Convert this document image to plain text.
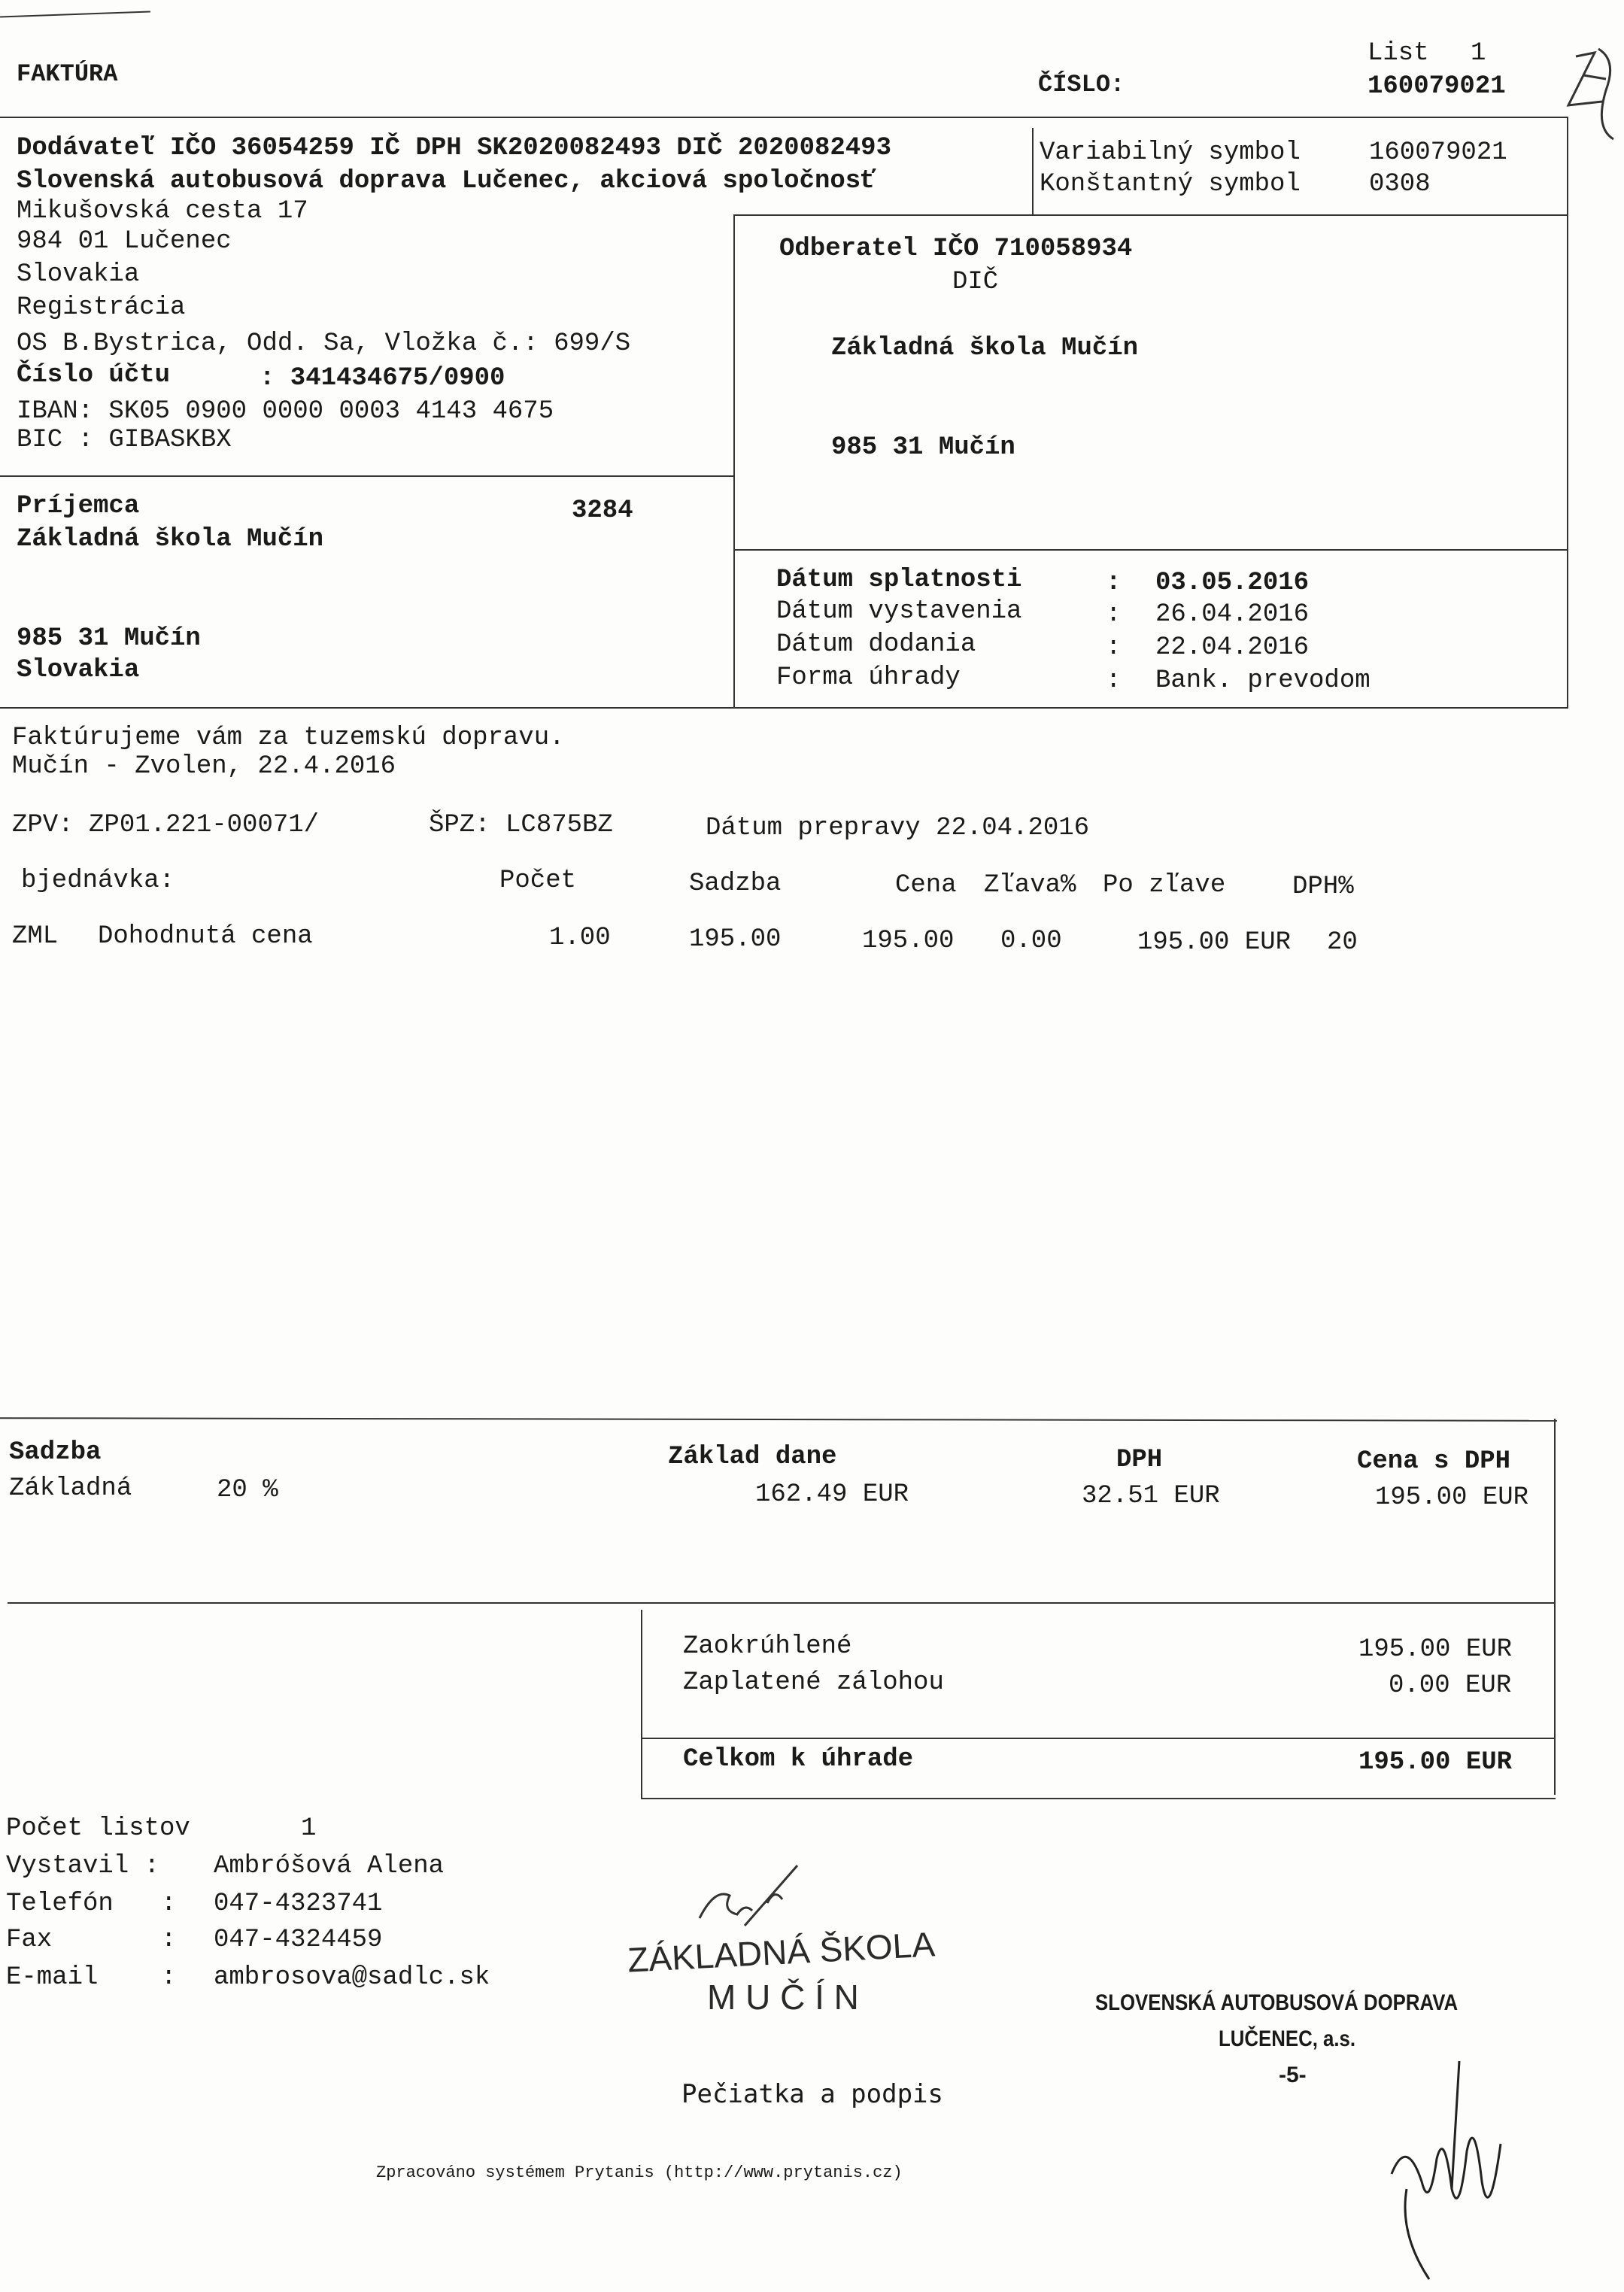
FAKTÚRA	ČÍSLO:
List 1
160079021
Dodávateľ IČO 36054259 IČ DPH SK2020082493 DIČ 2020082493
Slovenská autobusová doprava Lučenec, akciová spoločnosť
Mikušovská cesta 17
984 01 Lučenec
Slovakia
Registrácia
OS B.Bystrica, Odd. Sa, Vložka č.: 699/S
Číslo účtu	: 341434675/0900
IBAN: SK05 0900 0000 0003 4143 4675
BIC : GIBASKBX
Variabilný symbol	160079021
Konštantný symbol	0308
Odberatel IČO 710058934
DIČ
Základná škola Mučín
985 31 Mučín
Príjemca	3284
Základná škola Mučín
985 31 Mučín
Slovakia
Dátum splatnosti	: 03.05.2016
Dátum vystavenia	: 26.04.2016
Dátum dodania	: 22.04.2016
Forma úhrady	: Bank. prevodom
Faktúrujeme vám za tuzemskú dopravu.
Mučín - Zvolen, 22.4.2016
ZPV: ZP01.221-00071/	ŠPZ: LC875BZ	Dátum prepravy 22.04.2016
bjednávka:	Počet	Sadzba	Cena Zľava% Po zľave	DPH%
ZML Dohodnutá cena	1.00	195.00	195.00 0.00	195.00 EUR 20
Sadzba	Základ dane	DPH	Cena s DPH
Základná	20 %	162.49 EUR	32.51 EUR	195.00 EUR
Zaokrúhlené	195.00 EUR
Zaplatené zálohou	0.00 EUR
Celkom k úhrade	195.00 EUR
Počet listov	1
Vystavil : Ambróšová Alena
Telefón : 047-4323741
Fax	: 047-4324459
E-mail : ambrosova@sadlc.sk	ZÁKLADNÁ ŠKOLA
M U Č Í N	SLOVENSKÁ AUTOBUSOVÁ DOPRAVA
LUČENEC, a.s.
-5-
Pečiatka a podpis
Zpracováno systémem Prytanis (http://www.prytanis.cz)
